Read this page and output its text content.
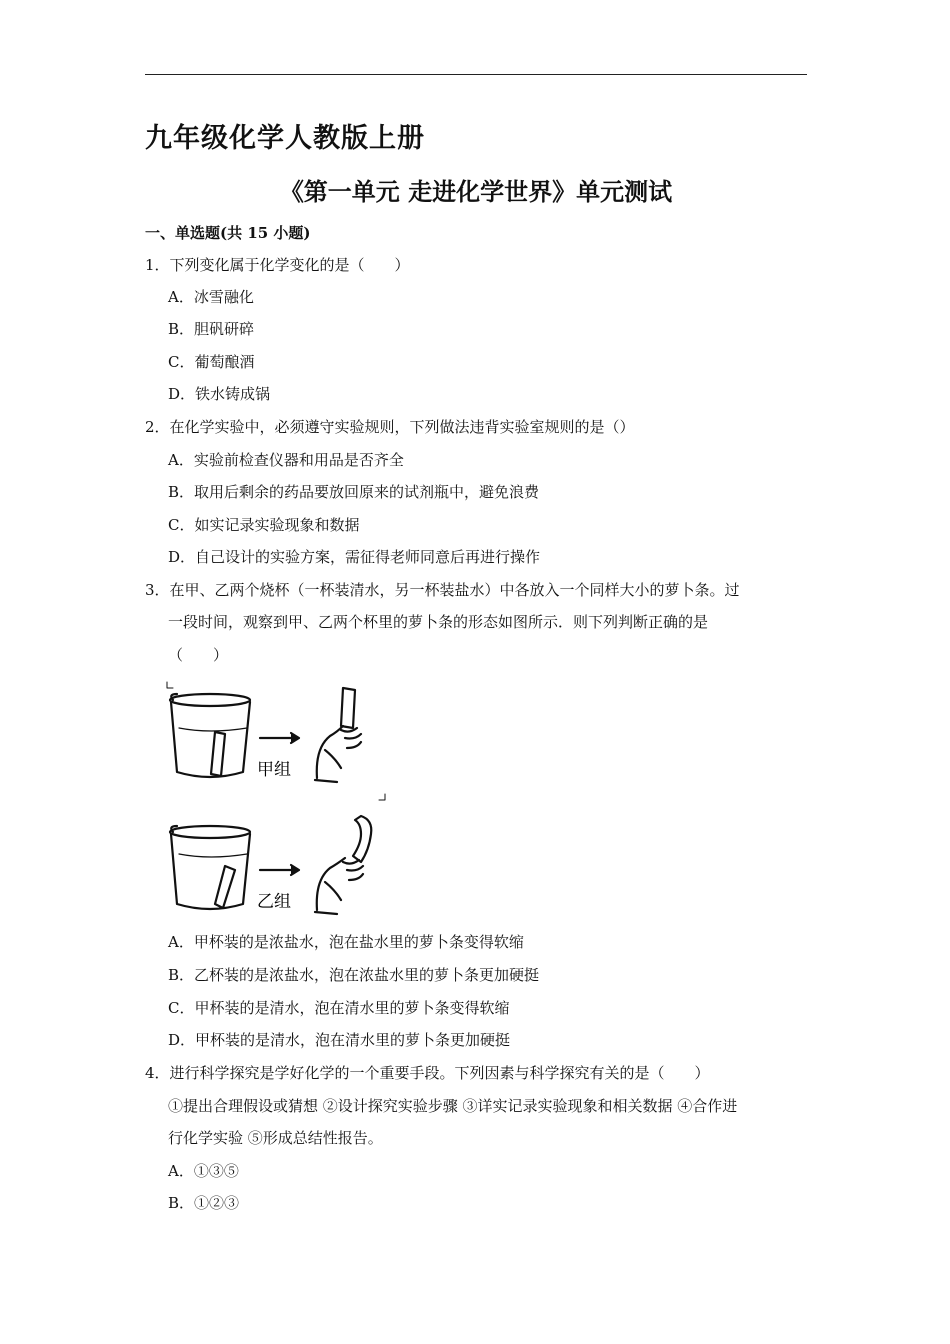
九年级化学人教版上册
《第一单元 走进化学世界》单元测试
一、单选题(共 15 小题)
1．下列变化属于化学变化的是（　　）
A．冰雪融化
B．胆矾研碎
C．葡萄酿酒
D．铁水铸成锅
2．在化学实验中，必须遵守实验规则，下列做法违背实验室规则的是（）
A．实验前检查仪器和用品是否齐全
B．取用后剩余的药品要放回原来的试剂瓶中，避免浪费
C．如实记录实验现象和数据
D．自己设计的实验方案，需征得老师同意后再进行操作
3．在甲、乙两个烧杯（一杯装清水，另一杯装盐水）中各放入一个同样大小的萝卜条。过
一段时间，观察到甲、乙两个杯里的萝卜条的形态如图所示．则下列判断正确的是
（　　）
甲组
乙组
A．甲杯装的是浓盐水，泡在盐水里的萝卜条变得软缩
B．乙杯装的是浓盐水，泡在浓盐水里的萝卜条更加硬挺
C．甲杯装的是清水，泡在清水里的萝卜条变得软缩
D．甲杯装的是清水，泡在清水里的萝卜条更加硬挺
4．进行科学探究是学好化学的一个重要手段。下列因素与科学探究有关的是（　　）
①提出合理假设或猜想 ②设计探究实验步骤 ③详实记录实验现象和相关数据 ④合作进
行化学实验 ⑤形成总结性报告。
A．①③⑤
B．①②③
